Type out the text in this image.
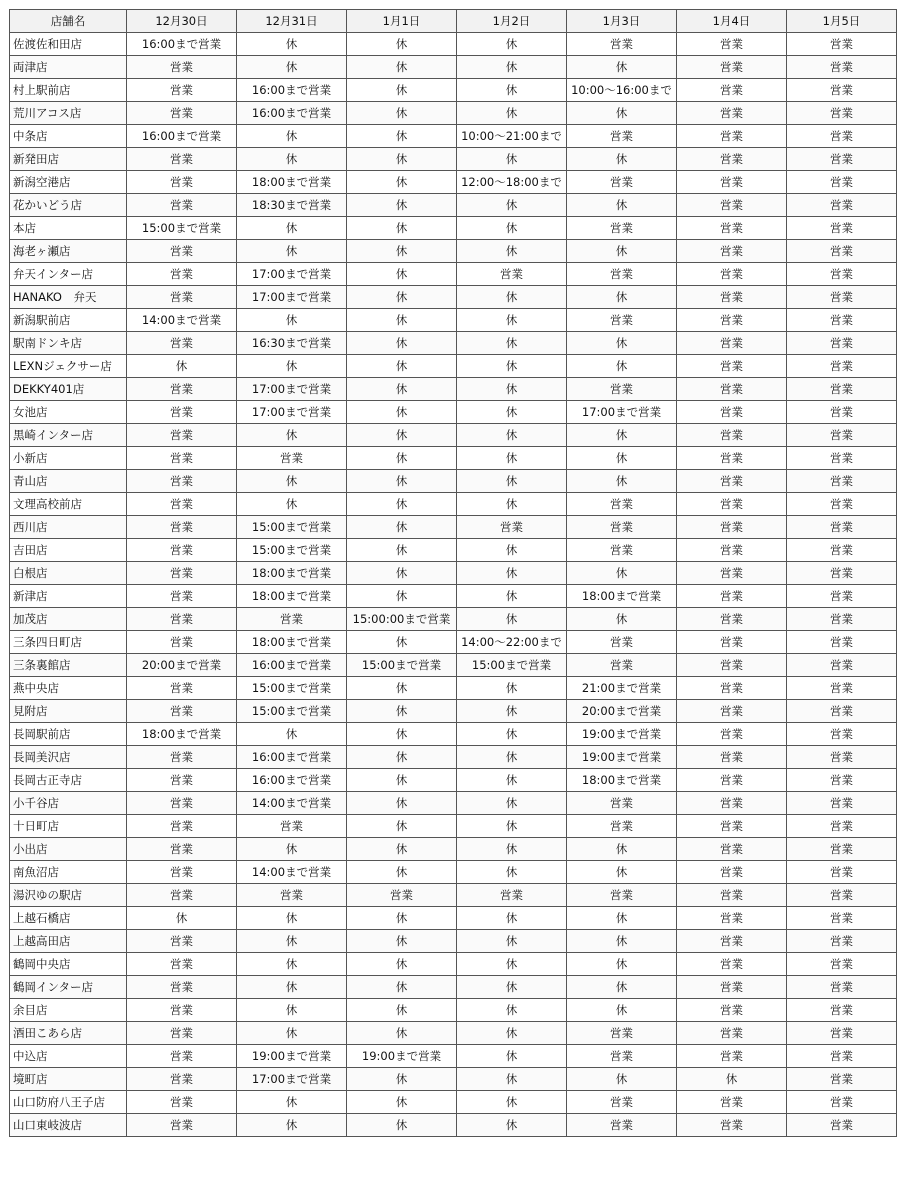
店舗名	12月30日	12月31日	1月1日	1月2日	1月3日	1月4日	1月5日
佐渡佐和田店	16:00まで営業	休	休	休	営業	営業	営業
両津店	営業	休	休	休	休	営業	営業
村上駅前店	営業	16:00まで営業	休	休	10:00～16:00まで	営業	営業
荒川アコス店	営業	16:00まで営業	休	休	休	営業	営業
中条店	16:00まで営業	休	休	10:00～21:00まで	営業	営業	営業
新発田店	営業	休	休	休	休	営業	営業
新潟空港店	営業	18:00まで営業	休	12:00～18:00まで	営業	営業	営業
花かいどう店	営業	18:30まで営業	休	休	休	営業	営業
本店	15:00まで営業	休	休	休	営業	営業	営業
海老ヶ瀬店	営業	休	休	休	休	営業	営業
弁天インター店	営業	17:00まで営業	休	営業	営業	営業	営業
HANAKO　弁天	営業	17:00まで営業	休	休	休	営業	営業
新潟駅前店	14:00まで営業	休	休	休	営業	営業	営業
駅南ドンキ店	営業	16:30まで営業	休	休	休	営業	営業
LEXNジェクサー店	休	休	休	休	休	営業	営業
DEKKY401店	営業	17:00まで営業	休	休	営業	営業	営業
女池店	営業	17:00まで営業	休	休	17:00まで営業	営業	営業
黒崎インター店	営業	休	休	休	休	営業	営業
小新店	営業	営業	休	休	休	営業	営業
青山店	営業	休	休	休	休	営業	営業
文理高校前店	営業	休	休	休	営業	営業	営業
西川店	営業	15:00まで営業	休	営業	営業	営業	営業
吉田店	営業	15:00まで営業	休	休	営業	営業	営業
白根店	営業	18:00まで営業	休	休	休	営業	営業
新津店	営業	18:00まで営業	休	休	18:00まで営業	営業	営業
加茂店	営業	営業	15:00:00まで営業	休	休	営業	営業
三条四日町店	営業	18:00まで営業	休	14:00～22:00まで	営業	営業	営業
三条裏館店	20:00まで営業	16:00まで営業	15:00まで営業	15:00まで営業	営業	営業	営業
燕中央店	営業	15:00まで営業	休	休	21:00まで営業	営業	営業
見附店	営業	15:00まで営業	休	休	20:00まで営業	営業	営業
長岡駅前店	18:00まで営業	休	休	休	19:00まで営業	営業	営業
長岡美沢店	営業	16:00まで営業	休	休	19:00まで営業	営業	営業
長岡古正寺店	営業	16:00まで営業	休	休	18:00まで営業	営業	営業
小千谷店	営業	14:00まで営業	休	休	営業	営業	営業
十日町店	営業	営業	休	休	営業	営業	営業
小出店	営業	休	休	休	休	営業	営業
南魚沼店	営業	14:00まで営業	休	休	休	営業	営業
湯沢ゆの駅店	営業	営業	営業	営業	営業	営業	営業
上越石橋店	休	休	休	休	休	営業	営業
上越高田店	営業	休	休	休	休	営業	営業
鶴岡中央店	営業	休	休	休	休	営業	営業
鶴岡インター店	営業	休	休	休	休	営業	営業
余目店	営業	休	休	休	休	営業	営業
酒田こあら店	営業	休	休	休	営業	営業	営業
中込店	営業	19:00まで営業	19:00まで営業	休	営業	営業	営業
境町店	営業	17:00まで営業	休	休	休	休	営業
山口防府八王子店	営業	休	休	休	営業	営業	営業
山口東岐波店	営業	休	休	休	営業	営業	営業
